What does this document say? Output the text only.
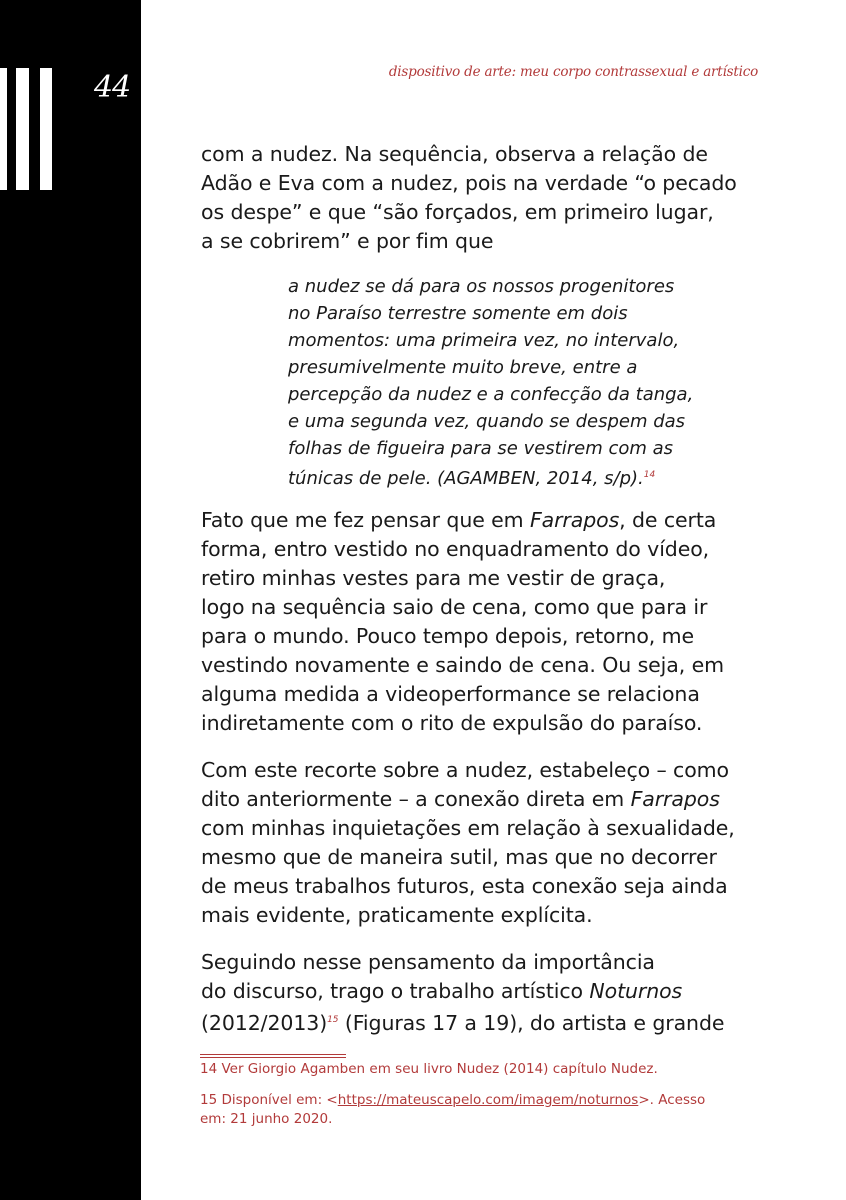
44	dispositivo de arte: meu corpo contrassexual e artístico

com a nudez. Na sequência, observa a relação de
Adão e Eva com a nudez, pois na verdade “o pecado
os despe” e que “são forçados, em primeiro lugar,
a se cobrirem” e por fim que

a nudez se dá para os nossos progenitores
no Paraíso terrestre somente em dois
momentos: uma primeira vez, no intervalo,
presumivelmente muito breve, entre a
percepção da nudez e a confecção da tanga,
e uma segunda vez, quando se despem das
folhas de figueira para se vestirem com as
túnicas de pele. (AGAMBEN, 2014, s/p).$^{14}$

Fato que me fez pensar que em Farrapos, de certa
forma, entro vestido no enquadramento do vídeo,
retiro minhas vestes para me vestir de graça,
logo na sequência saio de cena, como que para ir
para o mundo. Pouco tempo depois, retorno, me
vestindo novamente e saindo de cena. Ou seja, em
alguma medida a videoperformance se relaciona
indiretamente com o rito de expulsão do paraíso.

Com este recorte sobre a nudez, estabeleço – como
dito anteriormente – a conexão direta em Farrapos
com minhas inquietações em relação à sexualidade,
mesmo que de maneira sutil, mas que no decorrer
de meus trabalhos futuros, esta conexão seja ainda
mais evidente, praticamente explícita.

Seguindo nesse pensamento da importância
do discurso, trago o trabalho artístico Noturnos
(2012/2013)$^{15}$ (Figuras 17 a 19), do artista e grande

14 Ver Giorgio Agamben em seu livro Nudez (2014) capítulo Nudez.

15 Disponível em: <https://mateuscapelo.com/imagem/noturnos>. Acesso
em: 21 junho 2020.
